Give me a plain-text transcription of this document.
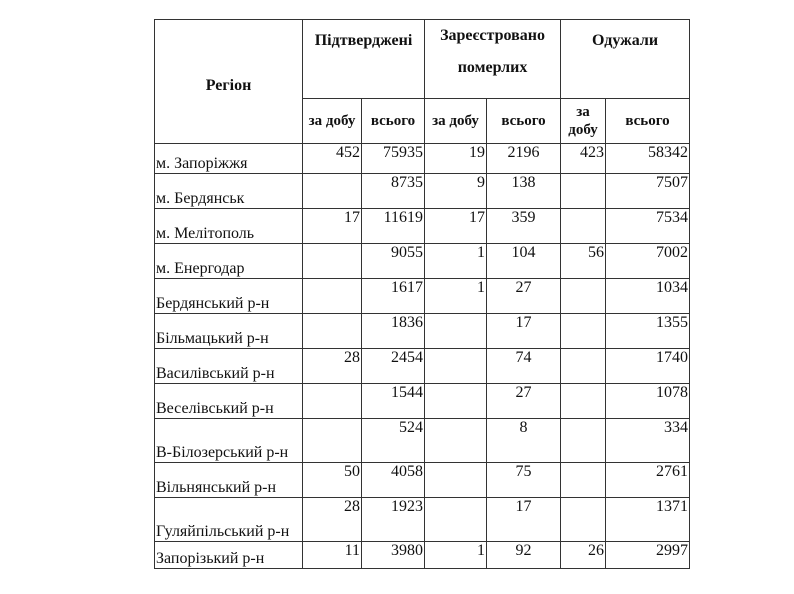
Регіон	Підтверджені		Зареєстровано померлих		Одужали	
	за добу	всього	за добу	всього	за добу	всього
м. Запоріжжя	452	75935	19	2196	423	58342
м. Бердянськ		8735	9	138		7507
м. Мелітополь	17	11619	17	359		7534
м. Енергодар		9055	1	104	56	7002
Бердянський р-н		1617	1	27		1034
Більмацький р-н		1836		17		1355
Василівський р-н	28	2454		74		1740
Веселівський р-н		1544		27		1078
В-Білозерський р-н		524		8		334
Вільнянський р-н	50	4058		75		2761
Гуляйпільський р-н	28	1923		17		1371
Запорізький р-н	11	3980	1	92	26	2997
